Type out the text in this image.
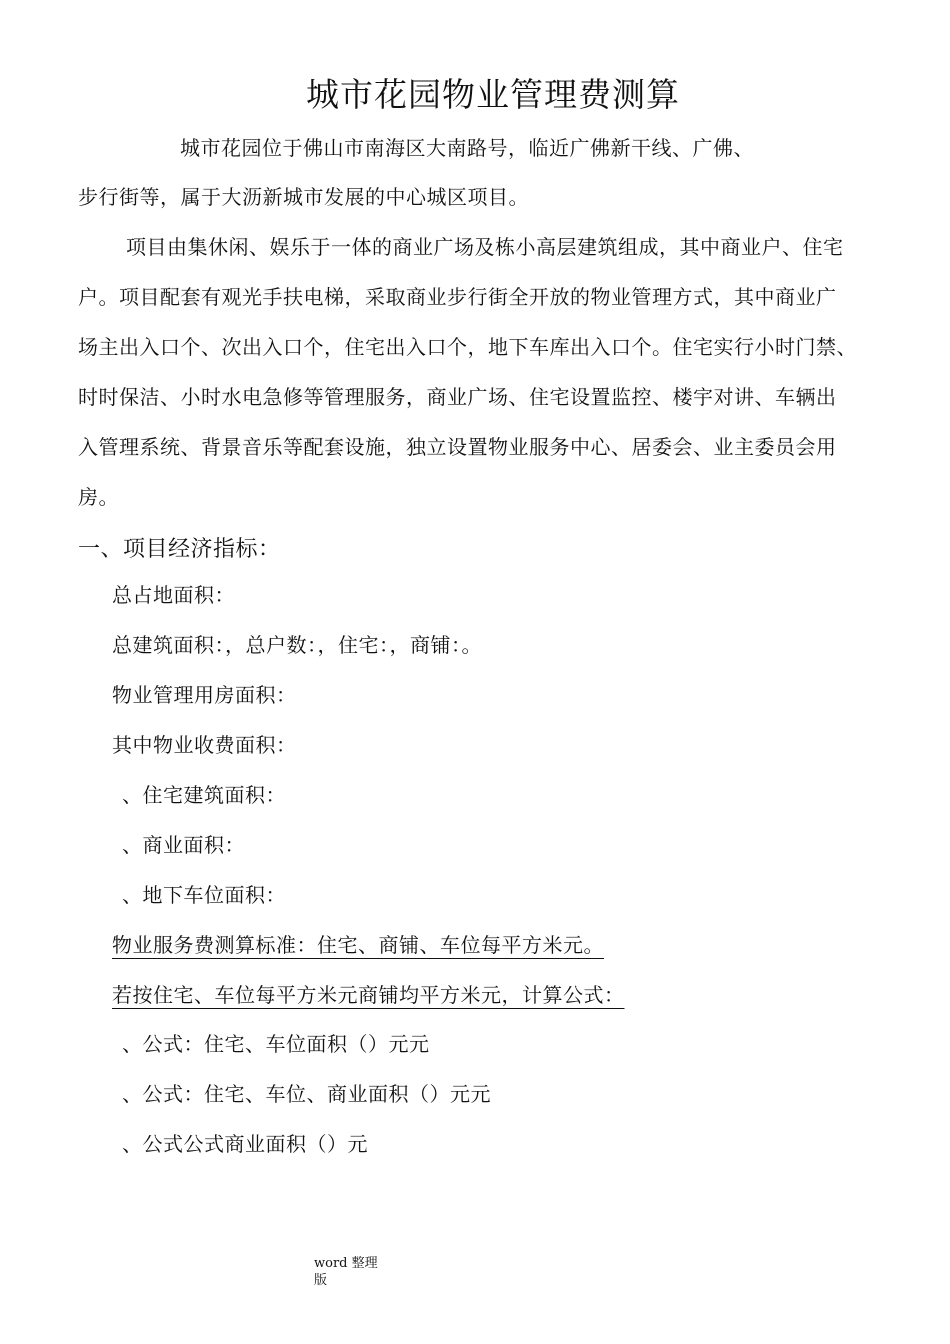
城市花园物业管理费测算
城市花园位于佛山市南海区大南路号，临近广佛新干线、广佛、
步行街等，属于大沥新城市发展的中心城区项目。
项目由集休闲、娱乐于一体的商业广场及栋小高层建筑组成，其中商业户、住宅
户。项目配套有观光手扶电梯，采取商业步行街全开放的物业管理方式，其中商业广
场主出入口个、次出入口个，住宅出入口个，地下车库出入口个。住宅实行小时门禁、
时时保洁、小时水电急修等管理服务，商业广场、住宅设置监控、楼宇对讲、车辆出
入管理系统、背景音乐等配套设施，独立设置物业服务中心、居委会、业主委员会用
房。
一、项目经济指标：
总占地面积：
总建筑面积：，总户数：，住宅：，商铺：。
物业管理用房面积：
其中物业收费面积：
、住宅建筑面积：
、商业面积：
、地下车位面积：
物业服务费测算标准：住宅、商铺、车位每平方米元。
若按住宅、车位每平方米元商铺均平方米元，计算公式：
、公式：住宅、车位面积（）元元
、公式：住宅、车位、商业面积（）元元
、公式公式商业面积（）元
word 整理
版
